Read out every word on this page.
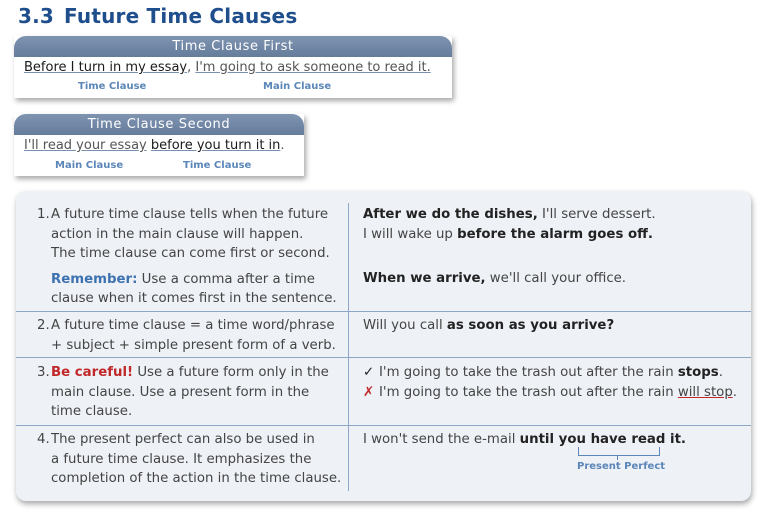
3.3 Future Time Clauses
Time Clause First
Before I turn in my essay, I'm going to ask someone to read it.
Time Clause	Main Clause
Time Clause Second
I'll read your essay before you turn it in.
Main Clause	Time Clause
1. A future time clause tells when the future
action in the main clause will happen.
The time clause can come first or second.
Remember: Use a comma after a time
clause when it comes first in the sentence.
After we do the dishes, I'll serve dessert.
I will wake up before the alarm goes off.
When we arrive, we'll call your office.
2. A future time clause = a time word/phrase
+ subject + simple present form of a verb.
Will you call as soon as you arrive?
3. Be careful! Use a future form only in the
main clause. Use a present form in the
time clause.
✓ I'm going to take the trash out after the rain stops.
✗ I'm going to take the trash out after the rain will stop.
4. The present perfect can also be used in
a future time clause. It emphasizes the
completion of the action in the time clause.
I won't send the e-mail until you have read it.
Present Perfect
